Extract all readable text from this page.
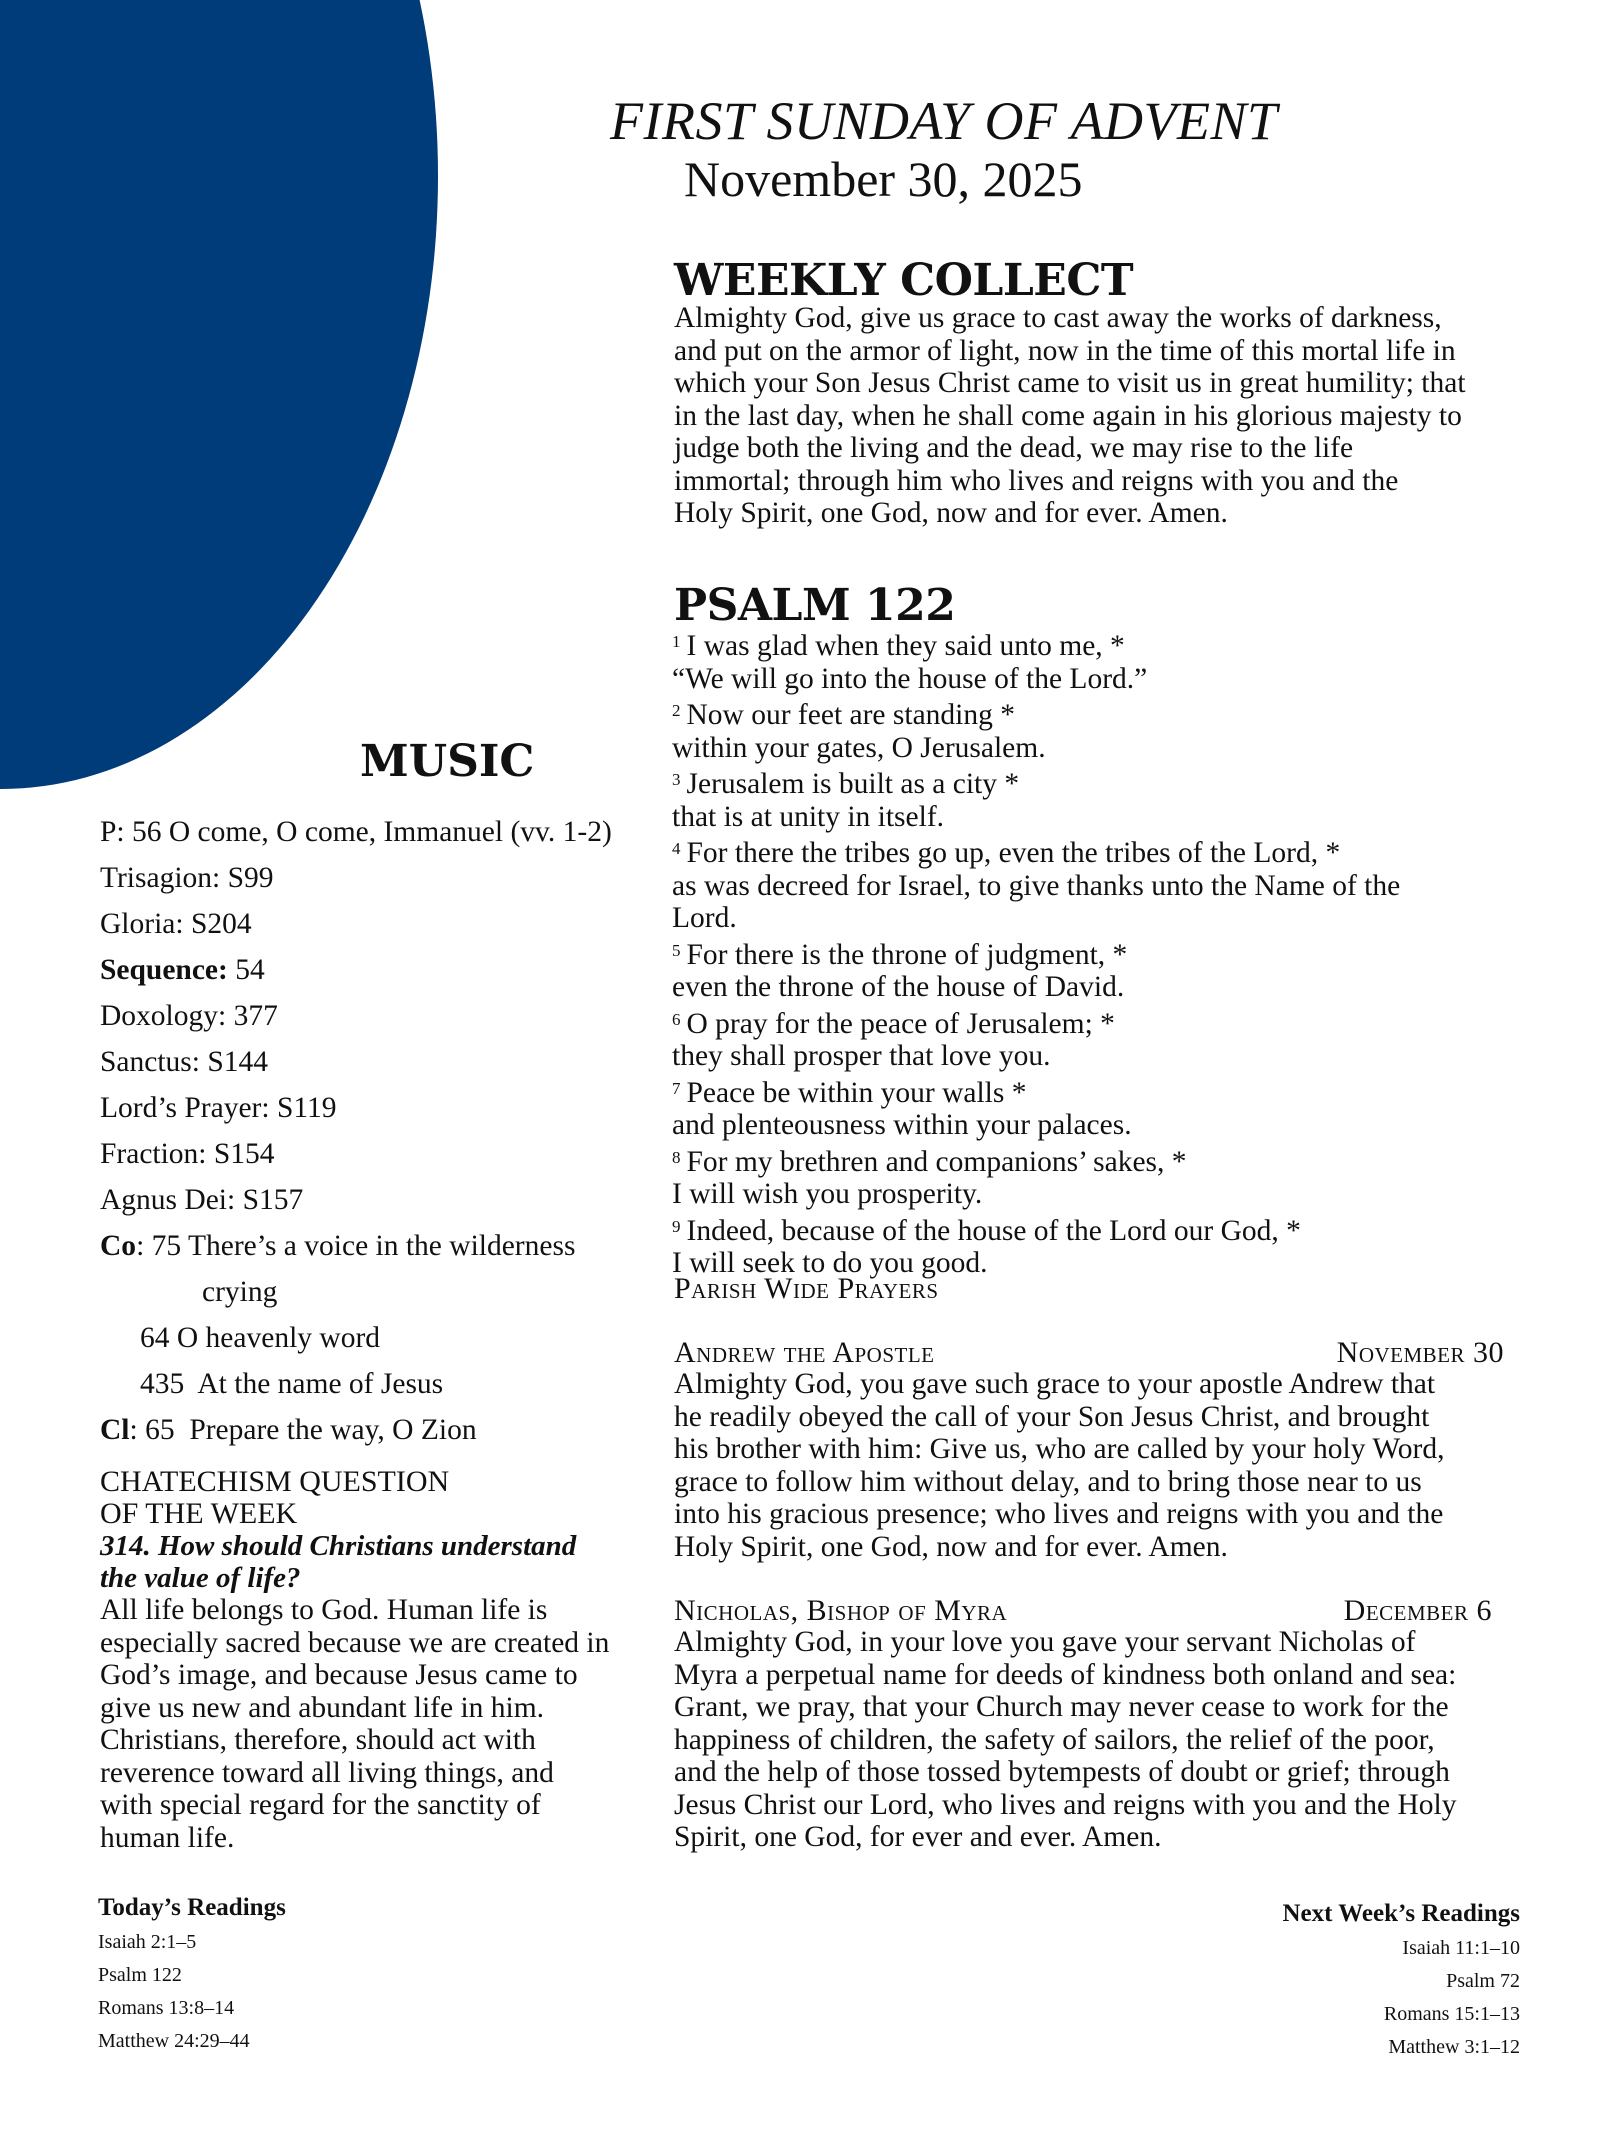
FIRST SUNDAY OF ADVENT
November 30, 2025
WEEKLY COLLECT
Almighty God, give us grace to cast away the works of darkness,
and put on the armor of light, now in the time of this mortal life in
which your Son Jesus Christ came to visit us in great humility; that
in the last day, when he shall come again in his glorious majesty to
judge both the living and the dead, we may rise to the life
immortal; through him who lives and reigns with you and the
Holy Spirit, one God, now and for ever. Amen.
PSALM 122
$^1$ I was glad when they said unto me, *
“We will go into the house of the Lord.”
$^2$ Now our feet are standing *
within your gates, O Jerusalem.
$^3$ Jerusalem is built as a city *
that is at unity in itself.
$^4$ For there the tribes go up, even the tribes of the Lord, *
as was decreed for Israel, to give thanks unto the Name of the
Lord.
$^5$ For there is the throne of judgment, *
even the throne of the house of David.
$^6$ O pray for the peace of Jerusalem; *
they shall prosper that love you.
$^7$ Peace be within your walls *
and plenteousness within your palaces.
$^8$ For my brethren and companions’ sakes, *
I will wish you prosperity.
$^9$ Indeed, because of the house of the Lord our God, *
I will seek to do you good.
Parish Wide Prayers
Andrew the Apostle	November 30
Almighty God, you gave such grace to your apostle Andrew that
he readily obeyed the call of your Son Jesus Christ, and brought
his brother with him: Give us, who are called by your holy Word,
grace to follow him without delay, and to bring those near to us
into his gracious presence; who lives and reigns with you and the
Holy Spirit, one God, now and for ever. Amen.
Nicholas, Bishop of Myra	December 6
Almighty God, in your love you gave your servant Nicholas of
Myra a perpetual name for deeds of kindness both onland and sea:
Grant, we pray, that your Church may never cease to work for the
happiness of children, the safety of sailors, the relief of the poor,
and the help of those tossed bytempests of doubt or grief; through
Jesus Christ our Lord, who lives and reigns with you and the Holy
Spirit, one God, for ever and ever. Amen.
MUSIC
P: 56 O come, O come, Immanuel (vv. 1-2)
Trisagion: S99
Gloria: S204
Sequence: 54
Doxology: 377
Sanctus: S144
Lord’s Prayer: S119
Fraction: S154
Agnus Dei: S157
Co: 75 There’s a voice in the wilderness
crying
64 O heavenly word
435  At the name of Jesus
Cl: 65  Prepare the way, O Zion
CHATECHISM QUESTION
OF THE WEEK
314. How should Christians understand
the value of life?
All life belongs to God. Human life is
especially sacred because we are created in
God’s image, and because Jesus came to
give us new and abundant life in him.
Christians, therefore, should act with
reverence toward all living things, and
with special regard for the sanctity of
human life.
Today’s Readings
Isaiah 2:1–5
Psalm 122
Romans 13:8–14
Matthew 24:29–44
Next Week’s Readings
Isaiah 11:1–10
Psalm 72
Romans 15:1–13
Matthew 3:1–12
